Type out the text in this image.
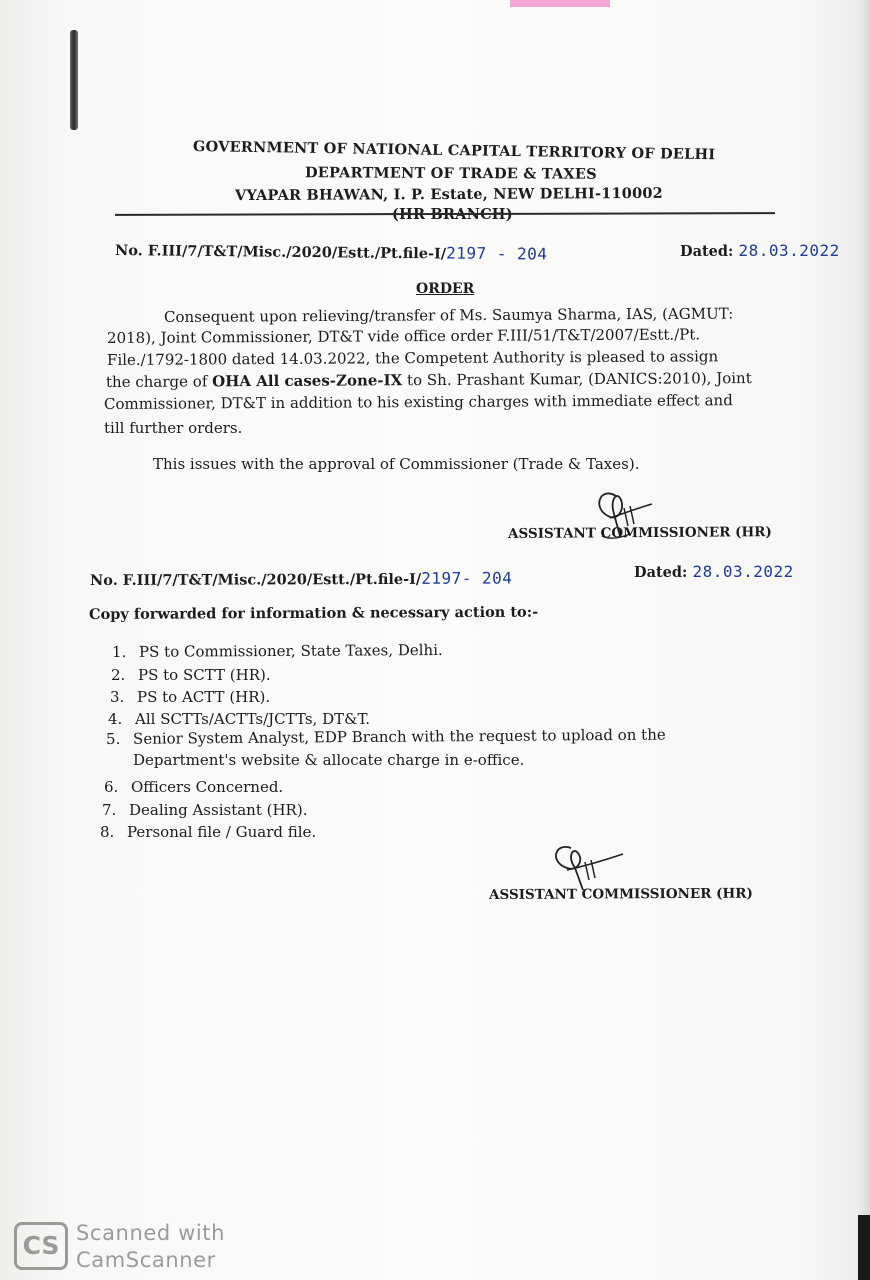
GOVERNMENT OF NATIONAL CAPITAL TERRITORY OF DELHI
DEPARTMENT OF TRADE & TAXES
VYAPAR BHAWAN, I. P. Estate, NEW DELHI-110002
No. F.III/7/T&T/Misc./2020/Estt./Pt.file-I/2197 - 204	Dated: 28.03.2022
ORDER
Consequent upon relieving/transfer of Ms. Saumya Sharma, IAS, (AGMUT:
2018), Joint Commissioner, DT&T vide office order F.III/51/T&T/2007/Estt./Pt.
File./1792-1800 dated 14.03.2022, the Competent Authority is pleased to assign
the charge of OHA All cases-Zone-IX to Sh. Prashant Kumar, (DANICS:2010), Joint
Commissioner, DT&T in addition to his existing charges with immediate effect and
till further orders.
This issues with the approval of Commissioner (Trade & Taxes).
ASSISTANT COMMISSIONER (HR)
No. F.III/7/T&T/Misc./2020/Estt./Pt.file-I/2197- 204	Dated: 28.03.2022
Copy forwarded for information & necessary action to:-
1. PS to Commissioner, State Taxes, Delhi.
2. PS to SCTT (HR).
3. PS to ACTT (HR).
4. All SCTTs/ACTTs/JCTTs, DT&T.
5. Senior System Analyst, EDP Branch with the request to upload on the
Department's website & allocate charge in e-office.
6. Officers Concerned.
7. Dealing Assistant (HR).
8. Personal file / Guard file.
ASSISTANT COMMISSIONER (HR)
CS Scanned with
CamScanner
